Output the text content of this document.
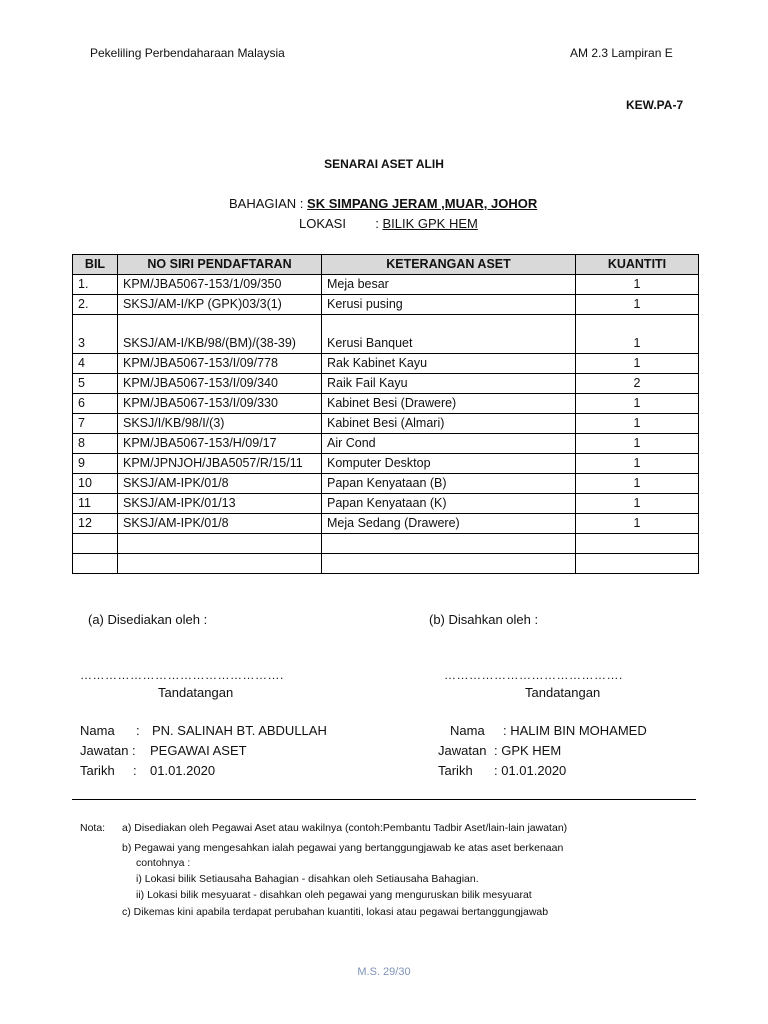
Pekeliling Perbendaharaan Malaysia	AM 2.3 Lampiran E
KEW.PA-7
SENARAI ASET ALIH
BAHAGIAN : SK SIMPANG JERAM ,MUAR, JOHOR
LOKASI : BILIK GPK HEM
BIL	NO SIRI PENDAFTARAN	KETERANGAN ASET	KUANTITI
1.	KPM/JBA5067-153/1/09/350	Meja besar	1
2.	SKSJ/AM-I/KP (GPK)03/3(1)	Kerusi pusing	1
3	SKSJ/AM-I/KB/98/(BM)/(38-39)	Kerusi Banquet	1
4	KPM/JBA5067-153/I/09/778	Rak Kabinet Kayu	1
5	KPM/JBA5067-153/I/09/340	Raik Fail Kayu	2
6	KPM/JBA5067-153/I/09/330	Kabinet Besi (Drawere)	1
7	SKSJ/I/KB/98/I/(3)	Kabinet Besi (Almari)	1
8	KPM/JBA5067-153/H/09/17	Air Cond	1
9	KPM/JPNJOH/JBA5057/R/15/11	Komputer Desktop	1
10	SKSJ/AM-IPK/01/8	Papan Kenyataan (B)	1
11	SKSJ/AM-IPK/01/13	Papan Kenyataan (K)	1
12	SKSJ/AM-IPK/01/8	Meja Sedang (Drawere)	1

(a) Disediakan oleh :	(b) Disahkan oleh :
………………………………………….	…………………………………….
Tandatangan	Tandatangan
Nama : PN. SALINAH BT. ABDULLAH	Nama : HALIM BIN MOHAMED
Jawatan : PEGAWAI ASET	Jawatan : GPK HEM
Tarikh : 01.01.2020	Tarikh : 01.01.2020
Nota: a) Disediakan oleh Pegawai Aset atau wakilnya (contoh:Pembantu Tadbir Aset/lain-lain jawatan)
b) Pegawai yang mengesahkan ialah pegawai yang bertanggungjawab ke atas aset berkenaan
contohnya :
i) Lokasi bilik Setiausaha Bahagian - disahkan oleh Setiausaha Bahagian.
ii) Lokasi bilik mesyuarat - disahkan oleh pegawai yang menguruskan bilik mesyuarat
c) Dikemas kini apabila terdapat perubahan kuantiti, lokasi atau pegawai bertanggungjawab
M.S. 29/30
